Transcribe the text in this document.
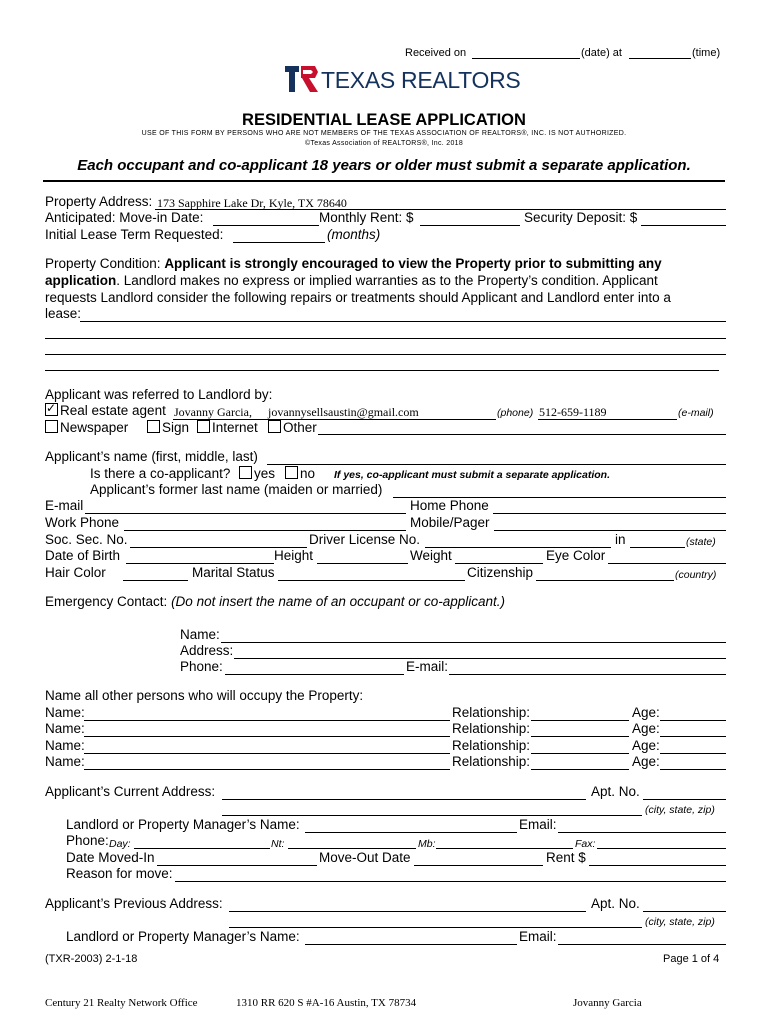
Received on	(date) at	(time)
TEXAS REALTORS
RESIDENTIAL LEASE APPLICATION
USE OF THIS FORM BY PERSONS WHO ARE NOT MEMBERS OF THE TEXAS ASSOCIATION OF REALTORS®, INC. IS NOT AUTHORIZED.
©Texas Association of REALTORS®, Inc. 2018
Each occupant and co-applicant 18 years or older must submit a separate application.
Property Address: 173 Sapphire Lake Dr, Kyle, TX 78640
Anticipated: Move-in Date:	Monthly Rent: $	Security Deposit: $
Initial Lease Term Requested:	(months)
Property Condition: Applicant is strongly encouraged to view the Property prior to submitting any
application. Landlord makes no express or implied warranties as to the Property’s condition. Applicant
requests Landlord consider the following repairs or treatments should Applicant and Landlord enter into a
lease:
Applicant was referred to Landlord by:
✓Real estate agent Jovanny Garcia, jovannysellsaustin@gmail.com	(phone) 512-659-1189	(e-mail)
Newspaper	Sign	Internet	Other
Applicant’s name (first, middle, last)
Is there a co-applicant?	yes	no If yes, co-applicant must submit a separate application.
Applicant’s former last name (maiden or married)
E-mail	Home Phone
Work Phone	Mobile/Pager
Soc. Sec. No.	Driver License No.	in	(state)
Date of Birth	Height	Weight	Eye Color
Hair Color	Marital Status	Citizenship	(country)
Emergency Contact: (Do not insert the name of an occupant or co-applicant.)
Name:
Address:
Phone:	E-mail:
Name all other persons who will occupy the Property:
Name:	Relationship:	Age:
Name:	Relationship:	Age:
Name:	Relationship:	Age:
Name:	Relationship:	Age:
Applicant’s Current Address:	Apt. No.
(city, state, zip)
Landlord or Property Manager’s Name:	Email:
Phone: Day:	Nt:	Mb:	Fax:
Date Moved-In	Move-Out Date	Rent $
Reason for move:
Applicant’s Previous Address:	Apt. No.
(city, state, zip)
Landlord or Property Manager’s Name:	Email:
(TXR-2003) 2-1-18	Page 1 of 4
Century 21 Realty Network Office	1310 RR 620 S #A-16 Austin, TX 78734	Jovanny Garcia
